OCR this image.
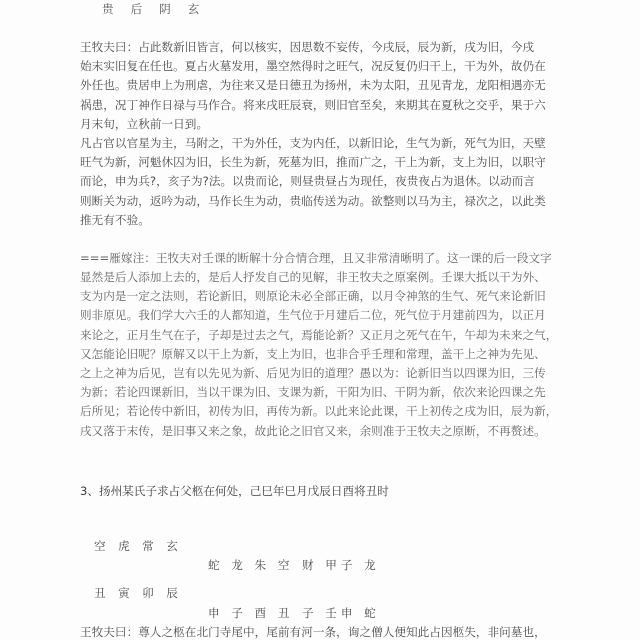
贵  后  阴  玄
王牧夫曰：占此数新旧皆言，何以核实，因思数不妄传，今戌辰，辰为新，戌为旧，今戌
始末实旧复在任也。夏占火墓发用，墨空然得时之旺气，况反复仍归干上，干为外，故仍在
外任也。贵居申上为刑虐，为往来又是日德丑为扬州，未为太阳，丑见青龙，龙阳相遇亦无
祸患，况丁神作日禄与马作合。将来戌旺辰衰，则旧官至矣，来期其在夏秋之交乎，果于六
月末旬，立秋前一日到。
凡占官以官星为主，马附之，干为外任，支为内任，以新旧论，生气为新，死气为旧，天壁
旺气为新，河魁休囚为旧，长生为新，死墓为旧，推而广之，干上为新，支上为旧，以职守
而论，申为兵?，亥子为?法。以贵而论，则昼贵昼占为现任，夜贵夜占为退休。以动而言
则断关为动，返吟为动，马作长生为动，贵临传送为动。欲整则以马为主，禄次之，以此类
推无有不验。
===雁嫁注：王牧夫对壬课的断解十分合情合理，且又非常清晰明了。这一课的后一段文字
显然是后人添加上去的，是后人抒发自己的见解，非王牧夫之原案例。壬课大抵以干为外、
支为内是一定之法则，若论新旧，则原论未必全部正确，以月令神煞的生气、死气来论新旧
则非原见。我们学大六壬的人都知道，生气位于月建后二位，死气位于月建前四为，以正月
来论之，正月生气在子，子却是过去之气，焉能论新？又正月之死气在午，午却为未来之气，
又怎能论旧呢？原解又以干上为新，支上为旧，也非合乎壬理和常理，盖干上之神为先见、
之上之神为后见，岂有以先见为新、后见为旧的道理？愚以为：论新旧当以四课为旧，三传
为新；若论四课新旧，当以干课为旧、支课为新，干阳为旧、干阴为新，依次来论四课之先
后所见；若论传中新旧，初传为旧，再传为新。以此来论此课，干上初传之戌为旧，辰为新，
戌又落于末传，是旧事又来之象，故此论之旧官又来，余则准于王牧夫之原断，不再赘述。
3、扬州某氏子求占父柩在何处，己巳年巳月戊辰日酉将丑时

空 虎 常 玄

丑 寅 卯 辰

蛇 龙 朱 空

申 子 酉 丑

财 甲子 龙

子 壬申 蛇

王牧夫曰：尊人之柩在北门寺尾中，尾前有河一条，询之僧人便知此占因柩失，非问墓也，
